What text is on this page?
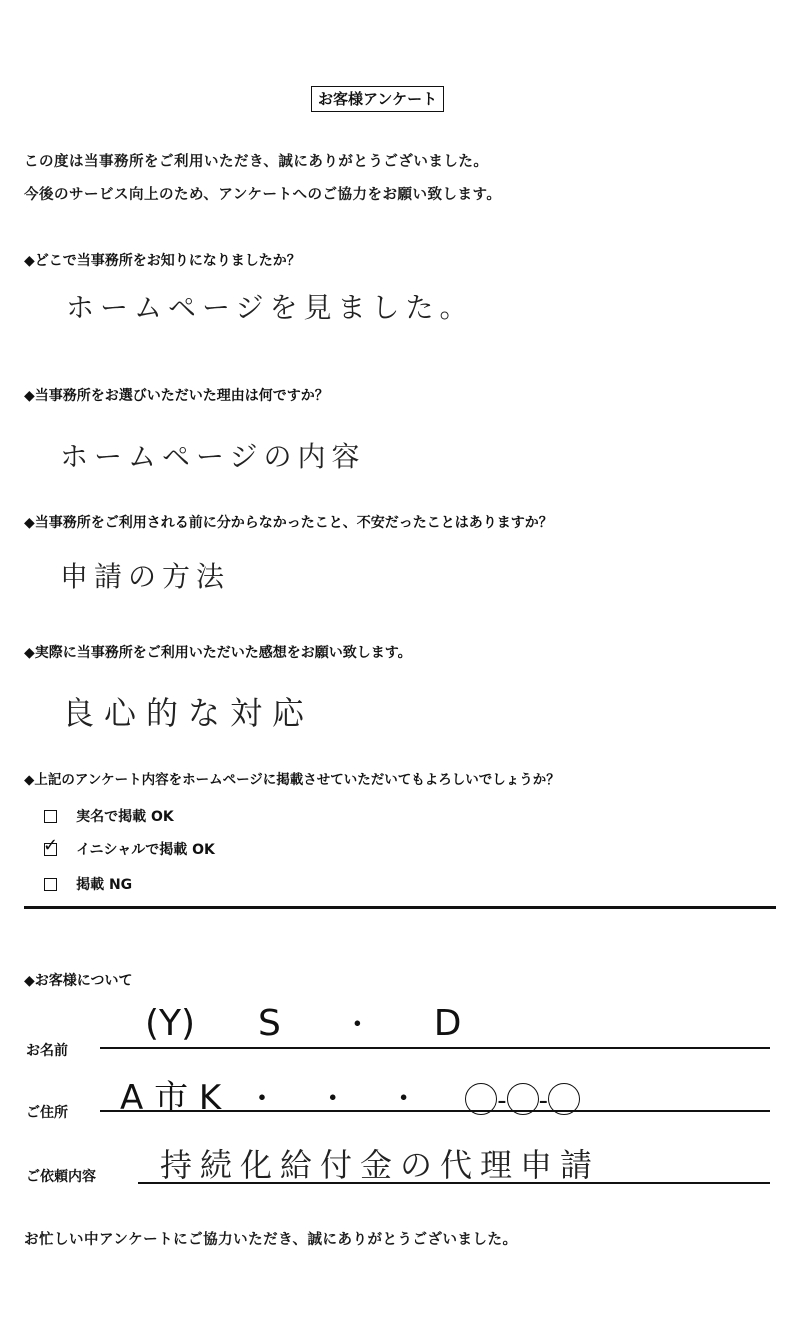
お客様アンケート
この度は当事務所をご利用いただき、誠にありがとうございました。
今後のサービス向上のため、アンケートへのご協力をお願い致します。
◆どこで当事務所をお知りになりましたか？
ホームページを見ました。
◆当事務所をお選びいただいた理由は何ですか？
ホームページの内容
◆当事務所をご利用される前に分からなかったこと、不安だったことはありますか？
申請の方法
◆実際に当事務所をご利用いただいた感想をお願い致します。
良心的な対応
◆上記のアンケート内容をホームページに掲載させていただいてもよろしいでしょうか？
実名で掲載 OK
✓ イニシャルで掲載 OK
掲載 NG
◆お客様について
お名前
(Y) S ・ D
ご住所 A 市 K ・ ・ ・	- -
ご依頼内容 持続化給付金の代理申請
お忙しい中アンケートにご協力いただき、誠にありがとうございました。
